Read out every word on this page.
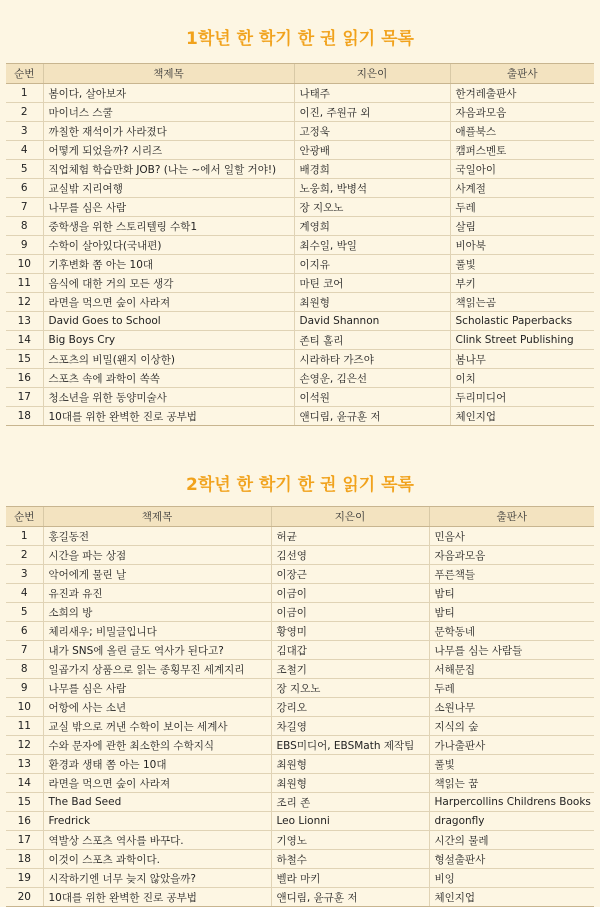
1학년 한 학기 한 권 읽기 목록
순번	책제목	지은이	출판사
1	봄이다, 살아보자	나태주	한겨레출판사
2	마이너스 스쿨	이진, 주원규 외	자음과모음
3	까칠한 재석이가 사라졌다	고정욱	애플북스
4	어떻게 되었을까? 시리즈	안광배	캠퍼스멘토
5	직업체험 학습만화 JOB? (나는 ~에서 일할 거야!)	배경희	국일아이
6	교실밖 지리여행	노웅희, 박병석	사계절
7	나무를 심은 사람	장 지오노	두레
8	중학생을 위한 스토리텔링 수학1	계영희	살림
9	수학이 살아있다(국내편)	최수일, 박일	비아북
10	기후변화 쫌 아는 10대	이지유	풀빛
11	음식에 대한 거의 모든 생각	마틴 코어	부키
12	라면을 먹으면 숲이 사라져	최원형	책읽는곰
13	David Goes to School	David Shannon	Scholastic Paperbacks
14	Big Boys Cry	존티 홀리	Clink Street Publishing
15	스포츠의 비밀(왠지 이상한)	시라하타 가즈야	봄나무
16	스포츠 속에 과학이 쏙쏙	손영운, 김은선	이치
17	청소년을 위한 동양미술사	이석원	두리미디어
18	10대를 위한 완벽한 진로 공부법	앤디림, 윤규훈 저	체인지업
2학년 한 학기 한 권 읽기 목록
순번	책제목	지은이	출판사
1	홍길동전	허균	민음사
2	시간을 파는 상점	김선영	자음과모음
3	악어에게 물린 날	이장근	푸른책들
4	유진과 유진	이금이	밤티
5	소희의 방	이금이	밤티
6	체리새우; 비밀글입니다	황영미	문학동네
7	내가 SNS에 올린 글도 역사가 된다고?	김대갑	나무를 심는 사람들
8	일곱가지 상품으로 읽는 종횡무진 세계지리	조철기	서해문집
9	나무를 심은 사람	장 지오노	두레
10	어항에 사는 소년	강리오	소원나무
11	교실 밖으로 꺼낸 수학이 보이는 세계사	차길영	지식의 숲
12	수와 문자에 관한 최소한의 수학지식	EBS미디어, EBSMath 제작팀	가나출판사
13	환경과 생태 쫌 아는 10대	최원형	풀빛
14	라면을 먹으면 숲이 사라져	최원형	책읽는 꿈
15	The Bad Seed	조리 존	Harpercollins Childrens Books
16	Fredrick	Leo Lionni	dragonfly
17	역발상 스포츠 역사를 바꾸다.	기영노	시간의 물레
18	이것이 스포츠 과학이다.	하철수	형설출판사
19	시작하기엔 너무 늦지 않았을까?	벨라 마키	비잉
20	10대를 위한 완벽한 진로 공부법	앤디림, 윤규훈 저	체인지업
